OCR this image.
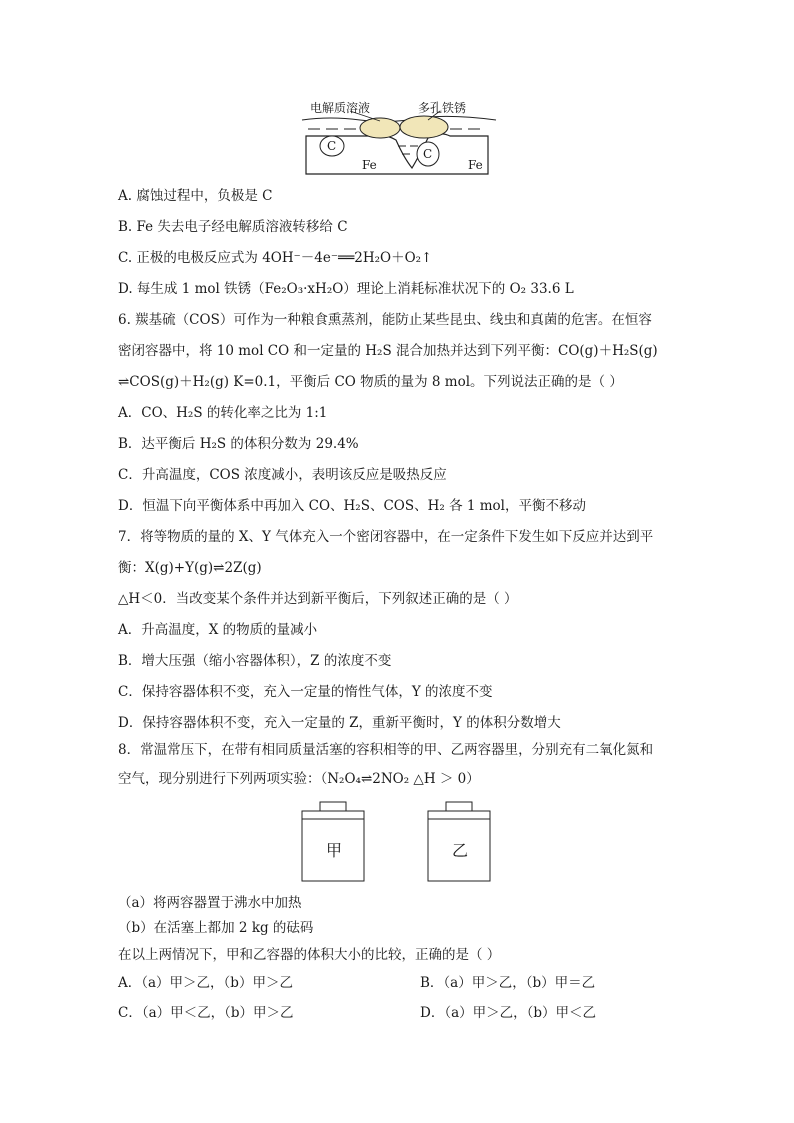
电解质溶液	多孔铁锈
C
C
Fe	Fe
A. 腐蚀过程中，负极是 C
B. Fe 失去电子经电解质溶液转移给 C
C. 正极的电极反应式为 4OH⁻－4e⁻══2H₂O＋O₂↑
D. 每生成 1 mol 铁锈（Fe₂O₃·xH₂O）理论上消耗标准状况下的 O₂ 33.6 L
6. 羰基硫（COS）可作为一种粮食熏蒸剂，能防止某些昆虫、线虫和真菌的危害。在恒容
密闭容器中，将 10 mol CO 和一定量的 H₂S 混合加热并达到下列平衡：CO(g)＋H₂S(g)
⇌COS(g)＋H₂(g) K=0.1，平衡后 CO 物质的量为 8 mol。下列说法正确的是（ ）
A．CO、H₂S 的转化率之比为 1:1
B．达平衡后 H₂S 的体积分数为 29.4%
C．升高温度，COS 浓度减小，表明该反应是吸热反应
D．恒温下向平衡体系中再加入 CO、H₂S、COS、H₂ 各 1 mol，平衡不移动
7．将等物质的量的 X、Y 气体充入一个密闭容器中，在一定条件下发生如下反应并达到平
衡：X(g)+Y(g)⇌2Z(g)
△H＜0．当改变某个条件并达到新平衡后，下列叙述正确的是（ ）
A．升高温度，X 的物质的量减小
B．增大压强（缩小容器体积），Z 的浓度不变
C．保持容器体积不变，充入一定量的惰性气体，Y 的浓度不变
D．保持容器体积不变，充入一定量的 Z，重新平衡时，Y 的体积分数增大
8．常温常压下，在带有相同质量活塞的容积相等的甲、乙两容器里，分别充有二氧化氮和
空气，现分别进行下列两项实验：（N₂O₄⇌2NO₂ △H ＞ 0）
甲	乙
（a）将两容器置于沸水中加热
（b）在活塞上都加 2 kg 的砝码
在以上两情况下，甲和乙容器的体积大小的比较，正确的是（ ）
A．（a）甲＞乙，（b）甲＞乙	B．（a）甲＞乙，（b）甲＝乙
C．（a）甲＜乙，（b）甲＞乙	D．（a）甲＞乙，（b）甲＜乙
